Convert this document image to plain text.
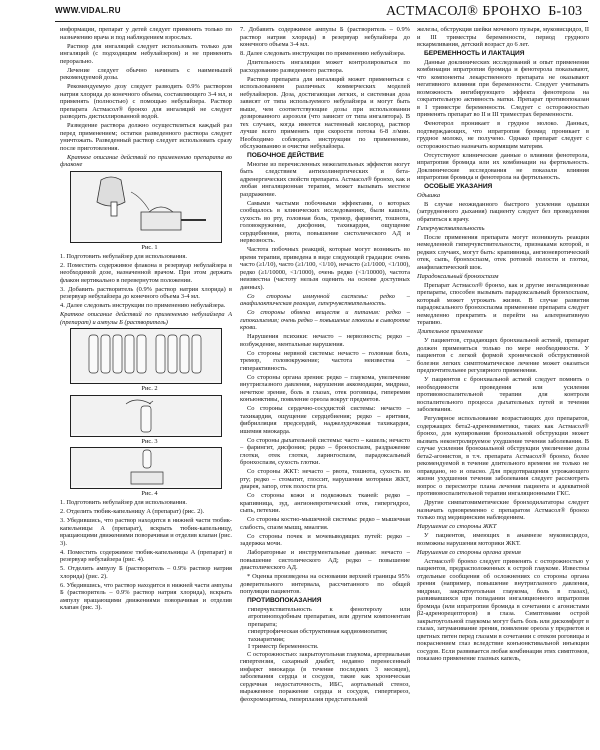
WWW.VIDAL.RU	АСТМАСОЛ® БРОНХО Б-103

информации, препарат у детей следует применять только по назначению врача и под наблюдением взрослых.

Раствор для ингаляций следует использовать только для ингаляций (с подходящим небулайзером) и не применять перорально.

Лечение следует обычно начинать с наименьшей рекомендуемой дозы.

Рекомендуемую дозу следует разводить 0.9% раствором натрия хлорида до конечного объема, составляющего 3-4 мл, и применять (полностью) с помощью небулайзера. Раствор препарата Астмасол® бронхо для ингаляций не следует разводить дистиллированной водой.

Разведение раствора должно осуществляться каждый раз перед применением; остатки разведенного раствора следует уничтожать. Разведенный раствор следует использовать сразу после приготовления.

Краткое описание действий по применению препарата во флаконе

Рис. 1

1. Подготовить небулайзер для использования.

2. Поместить содержимое флакона в резервуар небулайзера в необходимой дозе, назначенной врачом. При этом держать флакон вертикально в перевернутом положении.

3. Добавить растворитель (0.9% раствор натрия хлорида) в резервуар небулайзера до конечного объема 3-4 мл.

4. Далее следовать инструкции по применению небулайзера.

Краткое описание действий по применению небулайзера A (препарат) и ампулы Б (растворитель)

Рис. 2

Рис. 3

Рис. 4

1. Подготовить небулайзер для использования.

2. Отделить тюбик-капельницу A (препарат) (рис. 2).

3. Убедившись, что раствор находится в нижней части тюбик-капельницы A (препарат), вскрыть тюбик-капельницу, вращающими движениями поворачивая и отделив клапан (рис. 3).

4. Поместить содержимое тюбик-капельницы A (препарат) в резервуар небулайзера (рис. 4).

5. Отделить ампулу Б (растворитель – 0.9% раствор натрия хлорида) (рис. 2).

6. Убедившись, что раствор находится в нижней части ампулы Б (растворитель – 0.9% раствор натрия хлорида), вскрыть ампулу вращающими движениями поворачивая и отделив клапан (рис. 3).

7. Добавить содержимое ампулы Б (растворитель – 0.9% раствор натрия хлорида) в резервуар небулайзера до конечного объема 3-4 мл.

8. Далее следовать инструкции по применению небулайзера.

Длительность ингаляции может контролироваться по расходованию разведенного раствора.

Раствор препарата для ингаляций может применяться с использованием различных коммерческих моделей небулайзеров. Доза, достигающая легких, и системная доза зависят от типа используемого небулайзера и могут быть выше, чем соответствующие дозы при использовании дозированного аэрозоля (что зависит от типа ингалятора). В тех случаях, когда имеется настенный кислород, раствор лучше всего применять при скорости потока 6-8 л/мин. Необходимо соблюдать инструкции по применению, обслуживанию и очистке небулайзера.

ПОБОЧНОЕ ДЕЙСТВИЕ

Многие из перечисленных нежелательных эффектов могут быть следствием антихолинергических и бета-адренергических свойств препарата. Астмасол® бронхо, как и любая ингаляционная терапия, может вызывать местное раздражение.

Самыми частыми побочными эффектами, о которых сообщалось в клинических исследованиях, были кашель, сухость во рту, головная боль, тремор, фарингит, тошнота, головокружение, дисфония, тахикардия, ощущение сердцебиения, рвота, повышение систолического АД и нервозность.

Частота побочных реакций, которые могут возникать во время терапии, приведена в виде следующей градации: очень часто (≥1/10), часто (≥1/100, <1/10), нечасто (≥1/1000, <1/100), редко (≥1/10000, <1/1000), очень редко (<1/10000), частота неизвестна (частоту нельзя оценить на основе доступных данных).

Со стороны иммунной системы: редко – анафилактическая реакция, гиперчувствительность.

Со стороны обмена веществ и питания: редко – гипокалиемия; очень редко – повышение глюкозы в сыворотке крови.

Нарушения психики: нечасто – нервозность; редко – возбуждение, ментальные нарушения.

Со стороны нервной системы: нечасто – головная боль, тремор, головокружение; частота неизвестна – гиперактивность.

Со стороны органа зрения: редко – глаукома, увеличение внутриглазного давления, нарушения аккомодации, мидриаз, нечеткое зрение, боль в глазах, отек роговицы, гиперемия конъюнктивы, появление ореола вокруг предметов.

Со стороны сердечно-сосудистой системы: нечасто – тахикардия, ощущение сердцебиения; редко – аритмия, фибрилляция предсердий, наджелудочковая тахикардия, ишемия миокарда.

Со стороны дыхательной системы: часто – кашель; нечасто – фарингит, дисфония; редко – бронхоспазм, раздражение глотки, отек глотки, ларингоспазм, парадоксальный бронхоспазм, сухость глотки.

Со стороны ЖКТ: нечасто – рвота, тошнота, сухость во рту; редко – стоматит, глоссит, нарушения моторики ЖКТ, диарея, запор, отек полости рта.

Со стороны кожи и подкожных тканей: редко – крапивница, зуд, ангионевротический отек, гипергидроз, сыпь, петехии.

Со стороны костно-мышечной системы: редко – мышечная слабость, спазм мышц, миалгия.

Со стороны почек и мочевыводящих путей: редко – задержка мочи.

Лабораторные и инструментальные данные: нечасто – повышение систолического АД; редко – повышение диастолического АД.

* Оценка произведена на основании верхней границы 95% доверительного интервала, рассчитанного по общей популяции пациентов.

ПРОТИВОПОКАЗАНИЯ

• гиперчувствительность к фенотеролу или атропиноподобным препаратам, или другим компонентам препарата;
• гипертрофическая обструктивная кардиомиопатия;
• тахиаритмия;
• I триместр беременности.

С осторожностью: закрытоугольная глаукома, артериальная гипертензия, сахарный диабет, недавно перенесенный инфаркт миокарда (в течение последних 3 месяцев), заболевания сердца и сосудов, такие как хроническая сердечная недостаточность, ИБС, аортальный стеноз, выраженное поражение сердца и сосудов, гипертиреоз, феохромоцитома, гиперплазия предстательной

железы, обструкция шейки мочевого пузыря, муковисцидоз, II и III триместры беременности, период грудного вскармливания, детский возраст до 6 лет.

БЕРЕМЕННОСТЬ И ЛАКТАЦИЯ

Данные доклинических исследований и опыт применения комбинации ипратропия бромида и фенотерола показывают, что компоненты лекарственного препарата не оказывают негативного влияния при беременности. Следует учитывать возможность ингибирующего эффекта фенотерола на сократительную активность матки. Препарат противопоказан в I триместре беременности. Следует с осторожностью применять препарат во II и III триместрах беременности.

Фенотерол проникает в грудное молоко. Данных, подтверждающих, что ипратропия бромид проникает в грудное молоко, не получено. Однако препарат следует с осторожностью назначать кормящим матерям.

Отсутствуют клинические данные о влиянии фенотерола, ипратропия бромида или их комбинации на фертильность. Доклинические исследования не показали влияния ипратропия бромида и фенотерола на фертильность.

ОСОБЫЕ УКАЗАНИЯ

Одышка

В случае неожиданного быстрого усиления одышки (затрудненного дыхания) пациенту следует без промедления обратиться к врачу.

Гиперчувствительность

После применения препарата могут возникнуть реакции немедленной гиперчувствительности, признаками которой, в редких случаях, могут быть: крапивница, ангионевротический отек, сыпь, бронхоспазм, отек ротовой полости и глотки, анафилактический шок.

Парадоксальный бронхоспазм

Препарат Астмасол® бронхо, как и другие ингаляционные препараты, способен вызывать парадоксальный бронхоспазм, который может угрожать жизни. В случае развития парадоксального бронхоспазма применение препарата следует немедленно прекратить и перейти на альтернативную терапию.

Длительное применение

У пациентов, страдающих бронхиальной астмой, препарат должен применяться только по мере необходимости. У пациентов с легкой формой хронической обструктивной болезни легких симптоматическое лечение может оказаться предпочтительнее регулярного применения.

У пациентов с бронхиальной астмой следует помнить о необходимости проведения или усиления противовоспалительной терапии для контроля воспалительного процесса дыхательных путей и течения заболевания.

Регулярное использование возрастающих доз препаратов, содержащих бета2-адреномиметики, таких как Астмасол® бронхо, для купирования бронхиальной обструкции может вызвать неконтролируемое ухудшение течения заболевания. В случае усиления бронхиальной обструкции увеличение дозы бета2-агонистов, в т.ч. препарата Астмасол® бронхо, более рекомендуемой в течение длительного времени не только не оправдано, но и опасно. Для предотвращения угрожающего жизни ухудшения течения заболевания следует рассмотреть вопрос о пересмотре плана лечения пациента и адекватной противовоспалительной терапии ингаляционными ГКС.

Другие симпатомиметические бронходилататоры следует назначать одновременно с препаратом Астмасол® бронхо только под медицинским наблюдением.

Нарушение со стороны ЖКТ

У пациентов, имеющих в анамнезе муковисцидоз, возможны нарушения моторики ЖКТ.

Нарушения со стороны органа зрения

Астмасол® бронхо следует применять с осторожностью у пациентов, предрасположенных к острой глаукоме. Известны отдельные сообщения об осложнениях со стороны органа зрения (например, повышение внутриглазного давления, мидриаз, закрытоугольная глаукома, боль в глазах), развивавшихся при попадании ингаляционного ипратропия бромида (или ипратропия бромида в сочетании с агонистами β2-адренорецепторов) в глаза. Симптомами острой закрытоугольной глаукомы могут быть боль или дискомфорт в глазах, затуманивание зрения, появление ореола у предметов и цветных пятен перед глазами в сочетании с отеком роговицы и покраснением глаз вследствие конъюнктивальной инъекции сосудов. Если развивается любая комбинация этих симптомов, показано применение глазных капель,
